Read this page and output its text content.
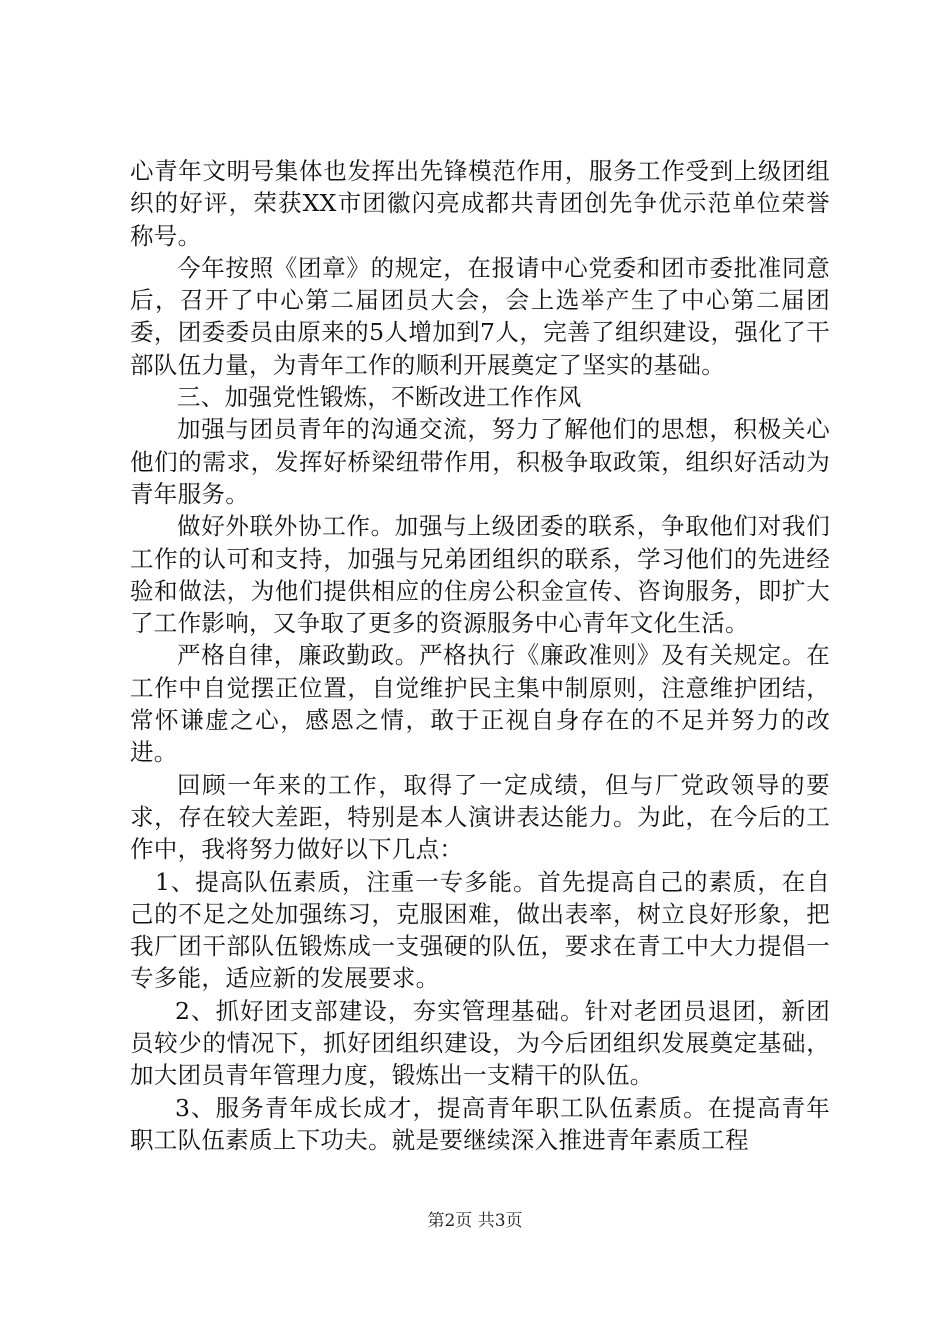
心青年文明号集体也发挥出先锋模范作用，服务工作受到上级团组织的好评，荣获XX市团徽闪亮成都共青团创先争优示范单位荣誉称号。

今年按照《团章》的规定，在报请中心党委和团市委批准同意后，召开了中心第二届团员大会，会上选举产生了中心第二届团委，团委委员由原来的5人增加到7人，完善了组织建设，强化了干部队伍力量，为青年工作的顺利开展奠定了坚实的基础。

三、加强党性锻炼，不断改进工作作风

加强与团员青年的沟通交流，努力了解他们的思想，积极关心他们的需求，发挥好桥梁纽带作用，积极争取政策，组织好活动为青年服务。

做好外联外协工作。加强与上级团委的联系，争取他们对我们工作的认可和支持，加强与兄弟团组织的联系，学习他们的先进经验和做法，为他们提供相应的住房公积金宣传、咨询服务，即扩大了工作影响，又争取了更多的资源服务中心青年文化生活。

严格自律，廉政勤政。严格执行《廉政准则》及有关规定。在工作中自觉摆正位置，自觉维护民主集中制原则，注意维护团结，常怀谦虚之心，感恩之情，敢于正视自身存在的不足并努力的改进。

回顾一年来的工作，取得了一定成绩，但与厂党政领导的要求，存在较大差距，特别是本人演讲表达能力。为此，在今后的工作中，我将努力做好以下几点：

1、提高队伍素质，注重一专多能。首先提高自己的素质，在自己的不足之处加强练习，克服困难，做出表率，树立良好形象，把我厂团干部队伍锻炼成一支强硬的队伍，要求在青工中大力提倡一专多能，适应新的发展要求。

2、抓好团支部建设，夯实管理基础。针对老团员退团，新团员较少的情况下，抓好团组织建设，为今后团组织发展奠定基础，加大团员青年管理力度，锻炼出一支精干的队伍。

3、服务青年成长成才，提高青年职工队伍素质。在提高青年职工队伍素质上下功夫。就是要继续深入推进青年素质工程

第2页 共3页
